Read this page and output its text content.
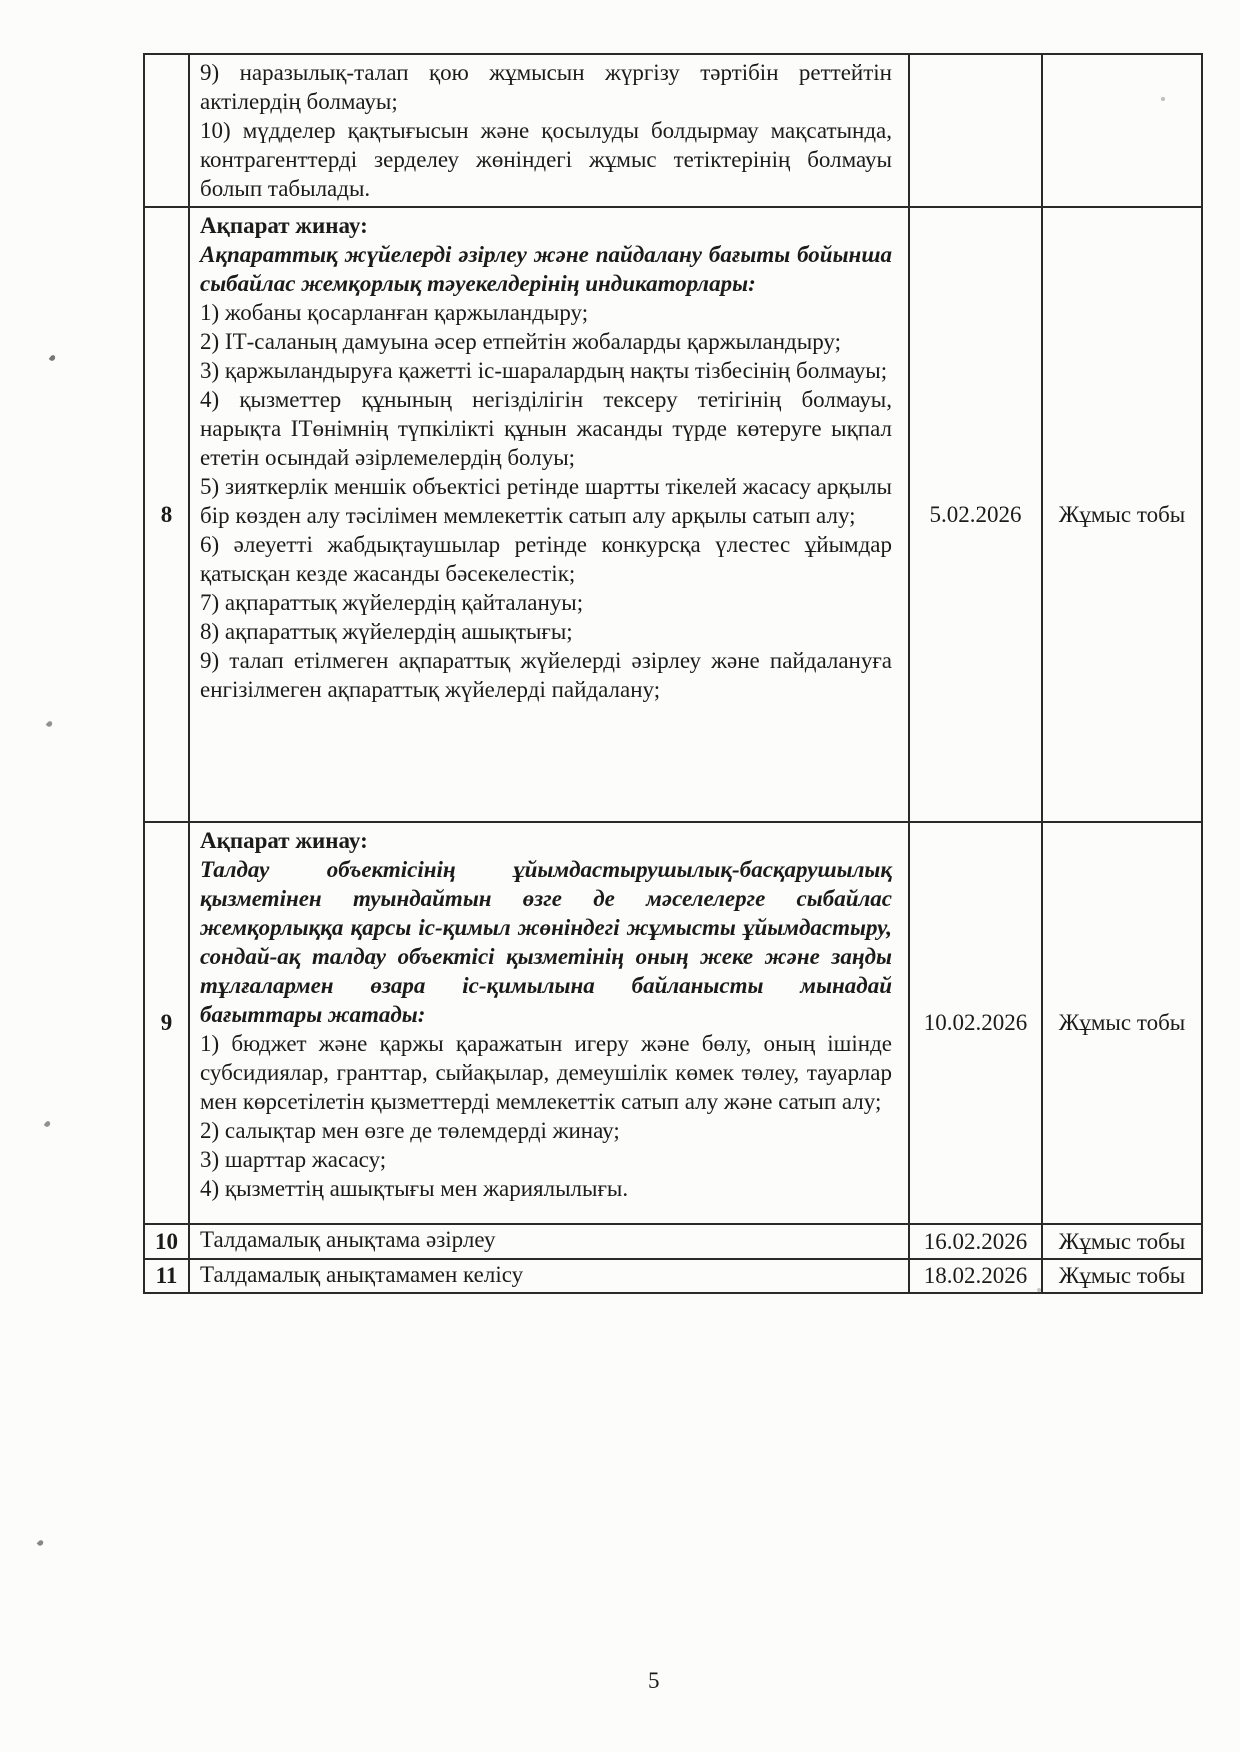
9) наразылық-талап қою жұмысын жүргізу тәртібін реттейтін актілердің болмауы;

10) мүдделер қақтығысын және қосылуды болдырмау мақсатында, контрагенттерді зерделеу жөніндегі жұмыс тетіктерінің болмауы болып табылады.

8

Ақпарат жинау:

Ақпараттық жүйелерді әзірлеу және пайдалану бағыты бойынша сыбайлас жемқорлық тәуекелдерінің индикаторлары:

1) жобаны қосарланған қаржыландыру;

2) ІТ-саланың дамуына әсер етпейтін жобаларды қаржыландыру;

3) қаржыландыруға қажетті іс-шаралардың нақты тізбесінің болмауы;

4) қызметтер құнының негізділігін тексеру тетігінің болмауы, нарықта ІТөнімнің түпкілікті құнын жасанды түрде көтеруге ықпал ететін осындай әзірлемелердің болуы;

5) зияткерлік меншік объектісі ретінде шартты тікелей жасасу арқылы бір көзден алу тәсілімен мемлекеттік сатып алу арқылы сатып алу;

6) әлеуетті жабдықтаушылар ретінде конкурсқа үлестес ұйымдар қатысқан кезде жасанды бәсекелестік;

7) ақпараттық жүйелердің қайталануы;

8) ақпараттық жүйелердің ашықтығы;

9) талап етілмеген ақпараттық жүйелерді әзірлеу және пайдалануға енгізілмеген ақпараттық жүйелерді пайдалану;

5.02.2026 Жұмыс тобы
9

Ақпарат жинау:

Талдау объектісінің ұйымдастырушылық-басқарушылық қызметінен туындайтын өзге де мәселелерге сыбайлас жемқорлыққа қарсы іс-қимыл жөніндегі жұмысты ұйымдастыру, сондай-ақ талдау объектісі қызметінің оның жеке және заңды тұлғалармен өзара іс-қимылына байланысты мынадай бағыттары жатады:

1) бюджет және қаржы қаражатын игеру және бөлу, оның ішінде субсидиялар, гранттар, сыйақылар, демеушілік көмек төлеу, тауарлар мен көрсетілетін қызметтерді мемлекеттік сатып алу және сатып алу;

2) салықтар мен өзге де төлемдерді жинау;

3) шарттар жасасу;

4) қызметтің ашықтығы мен жариялылығы.

10.02.2026 Жұмыс тобы
10 Талдамалық анықтама әзірлеу	16.02.2026 Жұмыс тобы
11 Талдамалық анықтамамен келісу	18.02.2026 Жұмыс тобы
5
